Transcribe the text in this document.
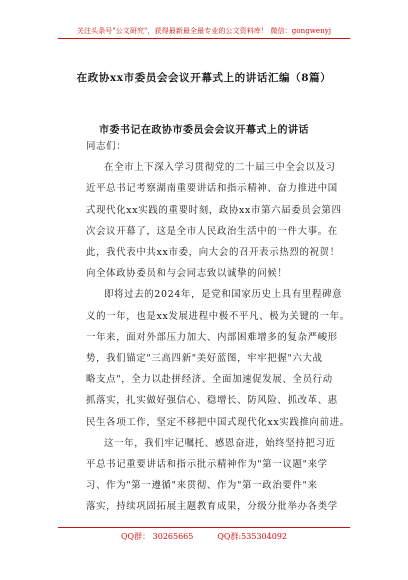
关注头条号"公文研究"，获得最新最全最专业的公文资料库！ 微信：gongwenyj
在政协xx市委员会会议开幕式上的讲话汇编（8篇）
市委书记在政协市委员会会议开幕式上的讲话
同志们：
在全市上下深入学习贯彻党的二十届三中全会以及习
近平总书记考察湖南重要讲话和指示精神、奋力推进中国
式现代化xx实践的重要时刻，政协xx市第六届委员会第四
次会议开幕了，这是全市人民政治生活中的一件大事。在
此，我代表中共xx市委，向大会的召开表示热烈的祝贺！
向全体政协委员和与会同志致以诚挚的问候！
即将过去的2024年，是党和国家历史上具有里程碑意
义的一年，也是xx发展进程中极不平凡、极为关键的一年。
一年来，面对外部压力加大、内部困难增多的复杂严峻形
势，我们锚定"三高四新"美好蓝图，牢牢把握"六大战
略支点"，全力以赴拼经济、全面加速促发展、全员行动
抓落实，扎实做好强信心、稳增长、防风险、抓改革、惠
民生各项工作，坚定不移把中国式现代化xx实践推向前进。
这一年，我们牢记嘱托、感恩奋进，始终坚持把习近
平总书记重要讲话和指示批示精神作为"第一议题"来学
习、作为"第一遵循"来贯彻、作为"第一政治要件"来
落实，持续巩固拓展主题教育成果，分级分批举办各类学
QQ群： 30265665	QQ群:535304092
